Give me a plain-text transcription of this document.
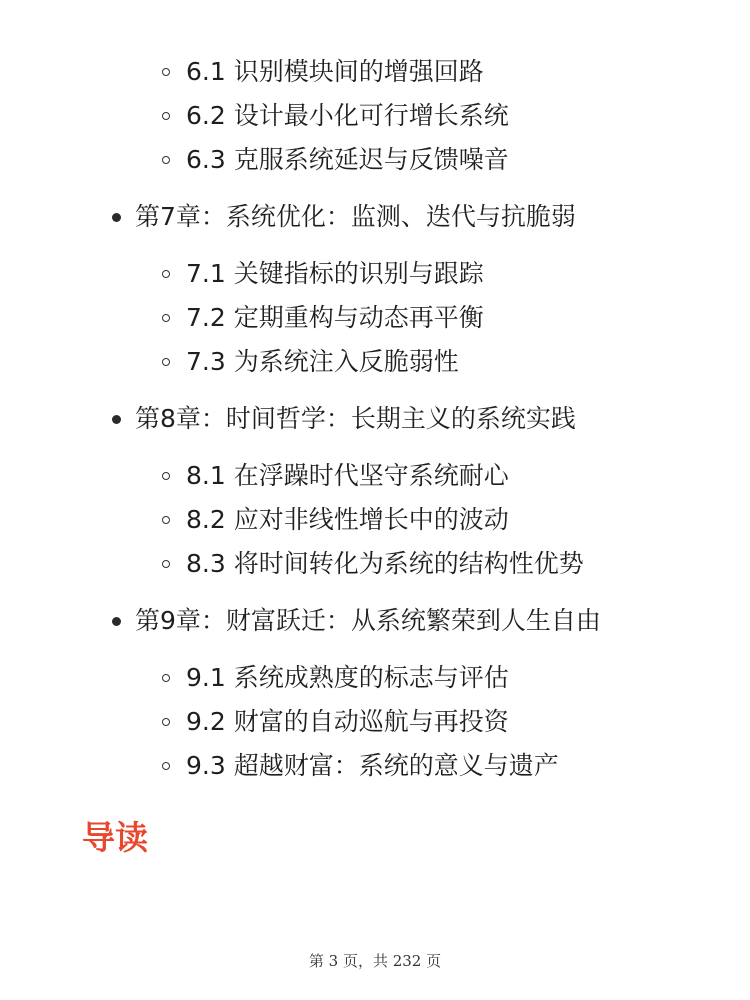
6.1 识别模块间的增强回路
6.2 设计最小化可行增长系统
6.3 克服系统延迟与反馈噪音
第7章：系统优化：监测、迭代与抗脆弱
7.1 关键指标的识别与跟踪
7.2 定期重构与动态再平衡
7.3 为系统注入反脆弱性
第8章：时间哲学：长期主义的系统实践
8.1 在浮躁时代坚守系统耐心
8.2 应对非线性增长中的波动
8.3 将时间转化为系统的结构性优势
第9章：财富跃迁：从系统繁荣到人生自由
9.1 系统成熟度的标志与评估
9.2 财富的自动巡航与再投资
9.3 超越财富：系统的意义与遗产
导读
第 3 页，共 232 页
